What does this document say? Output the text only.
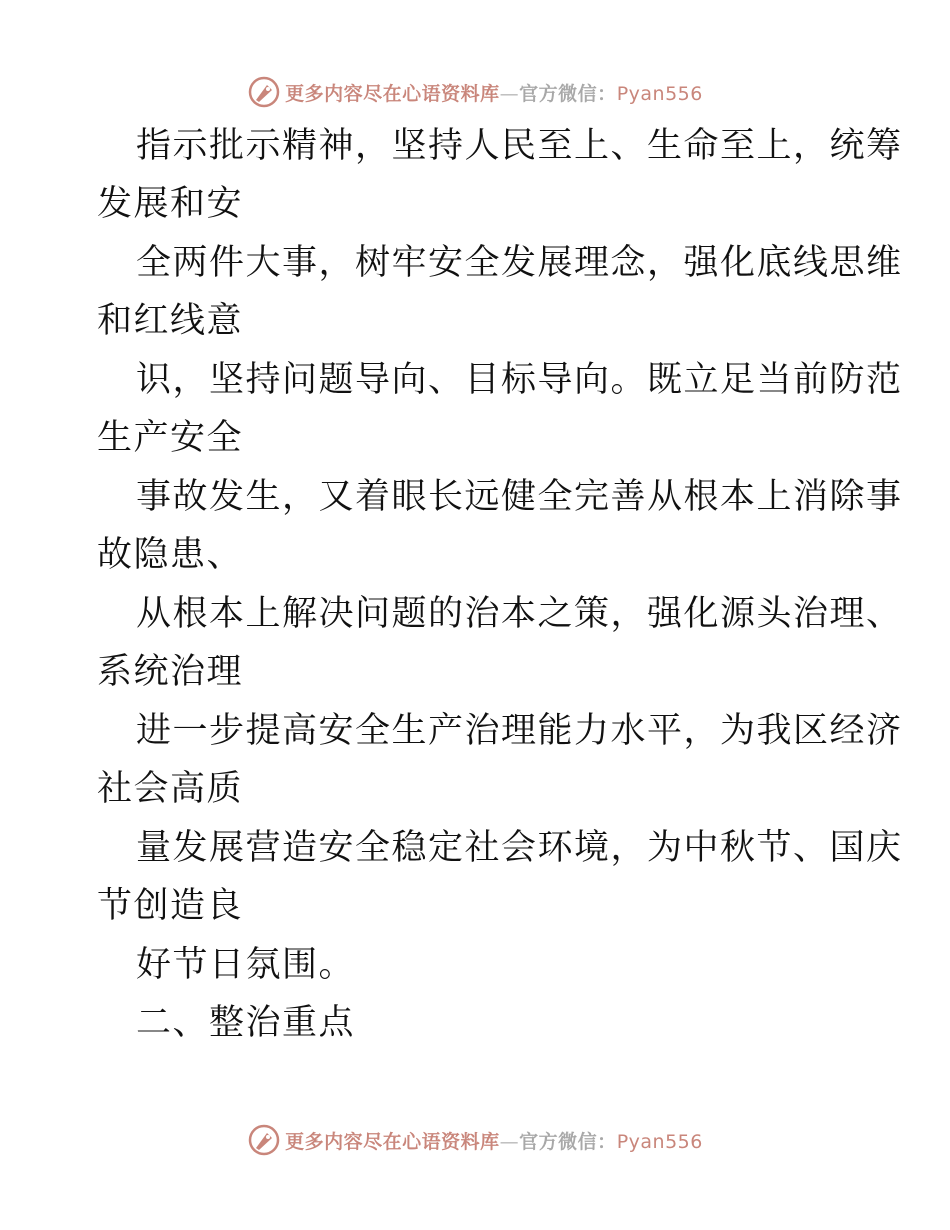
更多内容尽在心语资料库—官方微信：Pyan556
指示批示精神，坚持人民至上、生命至上，统筹
发展和安
全两件大事，树牢安全发展理念，强化底线思维
和红线意
识，坚持问题导向、目标导向。既立足当前防范
生产安全
事故发生，又着眼长远健全完善从根本上消除事
故隐患、
从根本上解决问题的治本之策，强化源头治理、
系统治理
进一步提高安全生产治理能力水平，为我区经济
社会高质
量发展营造安全稳定社会环境，为中秋节、国庆
节创造良
好节日氛围。
二、整治重点
更多内容尽在心语资料库—官方微信：Pyan556
